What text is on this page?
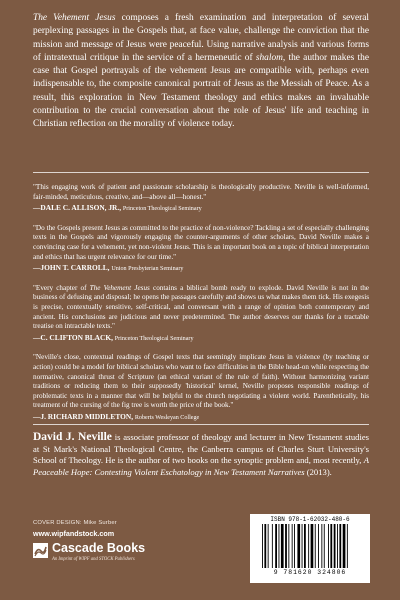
The Vehement Jesus composes a fresh examination and interpretation of several perplexing passages in the Gospels that, at face value, challenge the conviction that the mission and message of Jesus were peaceful. Using narrative analysis and various forms of intratextual critique in the service of a hermeneutic of shalom, the author makes the case that Gospel portrayals of the vehement Jesus are compatible with, perhaps even indispensable to, the composite canonical portrait of Jesus as the Messiah of Peace. As a result, this exploration in New Testament theology and ethics makes an invaluable contribution to the crucial conversation about the role of Jesus' life and teaching in Christian reflection on the morality of violence today.
"This engaging work of patient and passionate scholarship is theologically productive. Neville is well-informed, fair-minded, meticulous, creative, and—above all—honest."
—DALE C. ALLISON, JR., Princeton Theological Seminary
"Do the Gospels present Jesus as committed to the practice of non-violence? Tackling a set of especially challenging texts in the Gospels and vigorously engaging the counter-arguments of other scholars, David Neville makes a convincing case for a vehement, yet non-violent Jesus. This is an important book on a topic of biblical interpretation and ethics that has urgent relevance for our time."
—JOHN T. CARROLL, Union Presbyterian Seminary
"Every chapter of The Vehement Jesus contains a biblical bomb ready to explode. David Neville is not in the business of defusing and disposal; he opens the passages carefully and shows us what makes them tick. His exegesis is precise, contextually sensitive, self-critical, and conversant with a range of opinion both contemporary and ancient. His conclusions are judicious and never predetermined. The author deserves our thanks for a tractable treatise on intractable texts."
—C. CLIFTON BLACK, Princeton Theological Seminary
"Neville's close, contextual readings of Gospel texts that seemingly implicate Jesus in violence (by teaching or action) could be a model for biblical scholars who want to face difficulties in the Bible head-on while respecting the normative, canonical thrust of Scripture (an ethical variant of the rule of faith). Without harmonizing variant traditions or reducing them to their supposedly 'historical' kernel, Neville proposes responsible readings of problematic texts in a manner that will be helpful to the church negotiating a violent world. Parenthetically, his treatment of the cursing of the fig tree is worth the price of the book."
—J. RICHARD MIDDLETON, Roberts Wesleyan College
David J. Neville is associate professor of theology and lecturer in New Testament studies at St Mark's National Theological Centre, the Canberra campus of Charles Sturt University's School of Theology. He is the author of two books on the synoptic problem and, most recently, A Peaceable Hope: Contesting Violent Eschatology in New Testament Narratives (2013).
COVER DESIGN: Mike Surber
www.wipfandstock.com
Cascade Books
An Imprint of WIPF and STOCK Publishers
ISBN 978-1-62032-480-6
9 781620 324806
